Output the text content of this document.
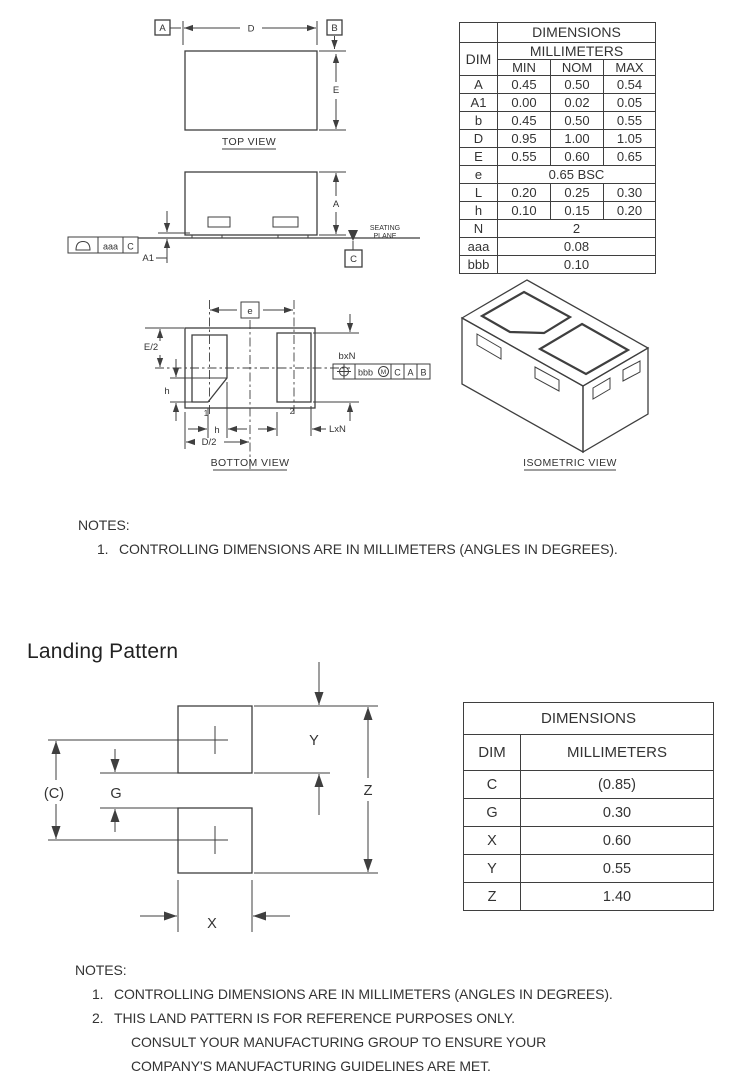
D
A	B
E
TOP VIEW
aaa C
A
A1
SEATING
PLANE
C
e
E/2
h
h
D/2
LxN
bxN
bbb M C A B
1	2
BOTTOM VIEW	ISOMETRIC VIEW
(C)	G
Y
Z
X
	DIMENSIONS		
DIM	MILLIMETERS		
	MIN	NOM	MAX
A	0.45	0.50	0.54
A1	0.00	0.02	0.05
b	0.45	0.50	0.55
D	0.95	1.00	1.05
E	0.55	0.60	0.65
e	0.65 BSC		
L	0.20	0.25	0.30
h	0.10	0.15	0.20
N	2		
aaa	0.08		
bbb	0.10		
NOTES:
1. CONTROLLING DIMENSIONS ARE IN MILLIMETERS (ANGLES IN DEGREES).
Landing Pattern
DIMENSIONS	
DIM	MILLIMETERS
C	(0.85)
G	0.30
X	0.60
Y	0.55
Z	1.40
NOTES:
1. CONTROLLING DIMENSIONS ARE IN MILLIMETERS (ANGLES IN DEGREES).
2. THIS LAND PATTERN IS FOR REFERENCE PURPOSES ONLY.
CONSULT YOUR MANUFACTURING GROUP TO ENSURE YOUR
COMPANY'S MANUFACTURING GUIDELINES ARE MET.
